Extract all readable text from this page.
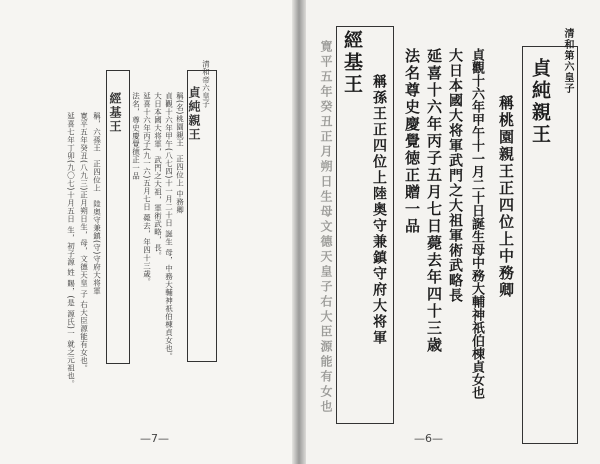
清和帝六皇子
貞純親王
稱(名)桃園親王　正四位上 中務卿
貞觀十六年甲午(八七四)十一月二十日 誕生 母，中務大輔神祇伯棟貞女也。
大日本國大将軍，武門之大祖，軍術武略，長。
延喜十六年丙子(九一六)五月七日 薨去，年四十三歳。
法名，尊史慶覺徳正一品
經基王
稱，六孫王　正四位上　陸奥守兼鎮(守)守府大将軍
寛平五年癸丑(八九三)正月朔日生，母，文德天皇 子 右大臣源能有女也。
延喜七年丁卯(九〇七)十月五日 生，初子源 姓 賜，(是 源氏)一 就之元祖也。
—7—
清和第六皇子
貞純親王
稱桃園親王正四位上中務卿
貞觀十六年甲午十一月二十日誕生母中務大輔神祇伯棟貞女也
大日本國大将軍武門之大祖軍術武略長
延喜十六年丙子五月七日薨去年四十三歳
法名尊史慶覺徳正贈一品
經基王
稱孫王正四位上陸奥守兼鎮守府大将軍
寛平五年癸丑正月朔日生母文德天皇子右大臣源能有女也
—6—
